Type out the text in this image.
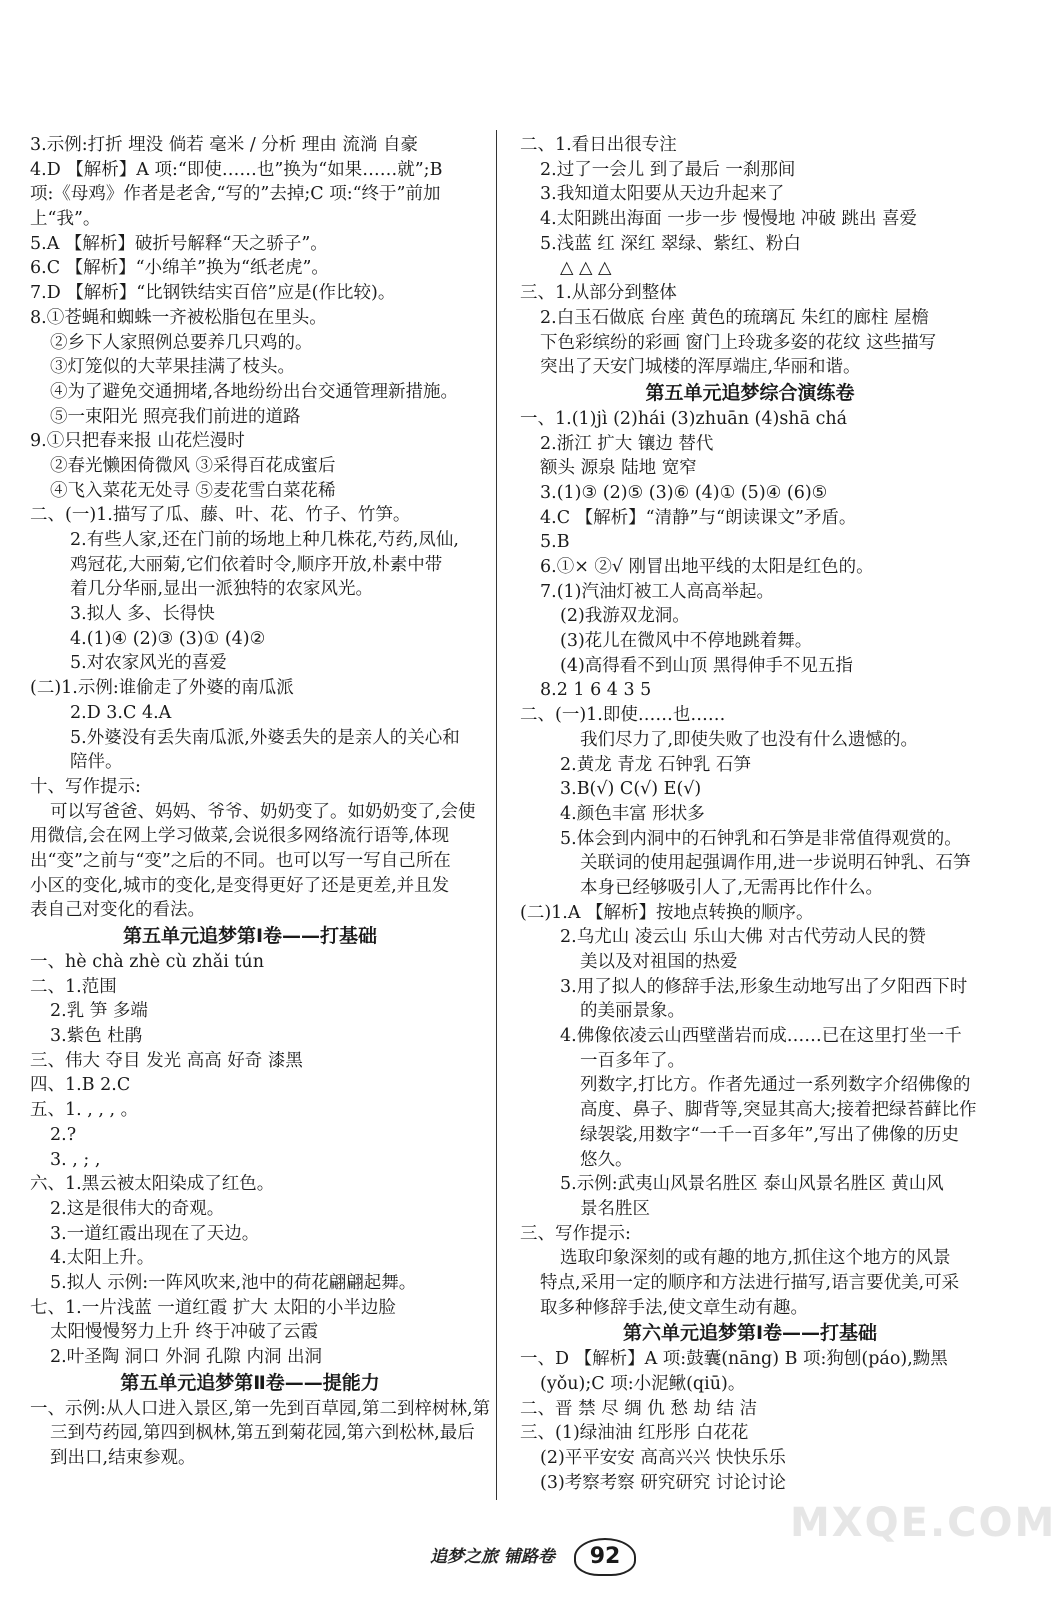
3.示例:打折 埋没 倘若 毫米 / 分析 理由 流淌 自豪
4.D 【解析】A 项:“即使……也”换为“如果……就”;B
项:《母鸡》作者是老舍,“写的”去掉;C 项:“终于”前加
上“我”。
5.A 【解析】破折号解释“天之骄子”。
6.C 【解析】“小绵羊”换为“纸老虎”。
7.D 【解析】“比钢铁结实百倍”应是(作比较)。
8.①苍蝇和蜘蛛一齐被松脂包在里头。
②乡下人家照例总要养几只鸡的。
③灯笼似的大苹果挂满了枝头。
④为了避免交通拥堵,各地纷纷出台交通管理新措施。
⑤一束阳光 照亮我们前进的道路
9.①只把春来报 山花烂漫时
②春光懒困倚微风 ③采得百花成蜜后
④飞入菜花无处寻 ⑤麦花雪白菜花稀
二、(一)1.描写了瓜、藤、叶、花、竹子、竹笋。
2.有些人家,还在门前的场地上种几株花,芍药,凤仙,
鸡冠花,大丽菊,它们依着时令,顺序开放,朴素中带
着几分华丽,显出一派独特的农家风光。
3.拟人 多、长得快
4.(1)④ (2)③ (3)① (4)②
5.对农家风光的喜爱
(二)1.示例:谁偷走了外婆的南瓜派
2.D 3.C 4.A
5.外婆没有丢失南瓜派,外婆丢失的是亲人的关心和
陪伴。
十、写作提示:
可以写爸爸、妈妈、爷爷、奶奶变了。如奶奶变了,会使
用微信,会在网上学习做菜,会说很多网络流行语等,体现
出“变”之前与“变”之后的不同。也可以写一写自己所在
小区的变化,城市的变化,是变得更好了还是更差,并且发
表自己对变化的看法。
第五单元追梦第Ⅰ卷——打基础
一、hè chà zhè cù zhǎi tún
二、1.范围
2.乳 笋 多端
3.紫色 杜鹃
三、伟大 夺目 发光 高高 好奇 漆黑
四、1.B 2.C
五、1. , , , 。
2.?
3. , ; ,
六、1.黑云被太阳染成了红色。
2.这是很伟大的奇观。
3.一道红霞出现在了天边。
4.太阳上升。
5.拟人 示例:一阵风吹来,池中的荷花翩翩起舞。
七、1.一片浅蓝 一道红霞 扩大 太阳的小半边脸
太阳慢慢努力上升 终于冲破了云霞
2.叶圣陶 洞口 外洞 孔隙 内洞 出洞
第五单元追梦第Ⅱ卷——提能力
一、示例:从人口进入景区,第一先到百草园,第二到梓树林,第
三到芍药园,第四到枫林,第五到菊花园,第六到松林,最后
到出口,结束参观。
二、1.看日出很专注
2.过了一会儿 到了最后 一刹那间
3.我知道太阳要从天边升起来了
4.太阳跳出海面 一步一步 慢慢地 冲破 跳出 喜爱
5.浅蓝 红 深红 翠绿、紫红、粉白
△ △ △
三、1.从部分到整体
2.白玉石做底 台座 黄色的琉璃瓦 朱红的廊柱 屋檐
下色彩缤纷的彩画 窗门上玲珑多姿的花纹 这些描写
突出了天安门城楼的浑厚端庄,华丽和谐。
第五单元追梦综合演练卷
一、1.(1)jì (2)hái (3)zhuān (4)shā chá
2.浙江 扩大 镶边 替代
额头 源泉 陆地 宽窄
3.(1)③ (2)⑤ (3)⑥ (4)① (5)④ (6)⑤
4.C 【解析】“清静”与“朗读课文”矛盾。
5.B
6.①× ②√ 刚冒出地平线的太阳是红色的。
7.(1)汽油灯被工人高高举起。
(2)我游双龙洞。
(3)花儿在微风中不停地跳着舞。
(4)高得看不到山顶 黑得伸手不见五指
8.2 1 6 4 3 5
二、(一)1.即使……也……
我们尽力了,即使失败了也没有什么遗憾的。
2.黄龙 青龙 石钟乳 石笋
3.B(√) C(√) E(√)
4.颜色丰富 形状多
5.体会到内洞中的石钟乳和石笋是非常值得观赏的。
关联词的使用起强调作用,进一步说明石钟乳、石笋
本身已经够吸引人了,无需再比作什么。
(二)1.A 【解析】按地点转换的顺序。
2.乌尤山 凌云山 乐山大佛 对古代劳动人民的赞
美以及对祖国的热爱
3.用了拟人的修辞手法,形象生动地写出了夕阳西下时
的美丽景象。
4.佛像依凌云山西壁凿岩而成……已在这里打坐一千
一百多年了。
列数字,打比方。作者先通过一系列数字介绍佛像的
高度、鼻子、脚背等,突显其高大;接着把绿苔藓比作
绿袈裟,用数字“一千一百多年”,写出了佛像的历史
悠久。
5.示例:武夷山风景名胜区 泰山风景名胜区 黄山风
景名胜区
三、写作提示:
选取印象深刻的或有趣的地方,抓住这个地方的风景
特点,采用一定的顺序和方法进行描写,语言要优美,可采
取多种修辞手法,使文章生动有趣。
第六单元追梦第Ⅰ卷——打基础
一、D 【解析】A 项:鼓囊(nāng) B 项:狗刨(páo),黝黑
(yǒu);C 项:小泥鳅(qiū)。
二、晋 禁 尽 绸 仇 愁 劫 结 洁
三、(1)绿油油 红彤彤 白花花
(2)平平安安 高高兴兴 快快乐乐
(3)考察考察 研究研究 讨论讨论
追梦之旅 铺路卷	92
MXQE.COM
